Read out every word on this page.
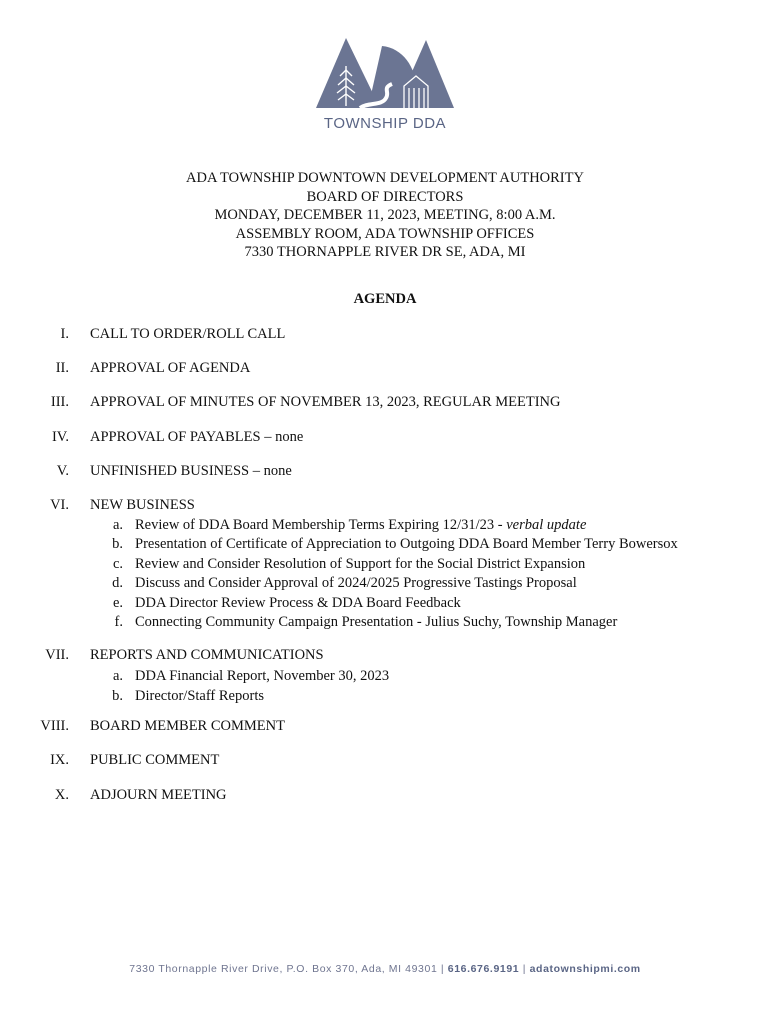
TOWNSHIP DDA
ADA TOWNSHIP DOWNTOWN DEVELOPMENT AUTHORITY
BOARD OF DIRECTORS
MONDAY, DECEMBER 11, 2023, MEETING, 8:00 A.M.
ASSEMBLY ROOM, ADA TOWNSHIP OFFICES
7330 THORNAPPLE RIVER DR SE, ADA, MI
AGENDA
I. CALL TO ORDER/ROLL CALL
II. APPROVAL OF AGENDA
III. APPROVAL OF MINUTES OF NOVEMBER 13, 2023, REGULAR MEETING
IV. APPROVAL OF PAYABLES – none
V. UNFINISHED BUSINESS – none
VI. NEW BUSINESS
a. Review of DDA Board Membership Terms Expiring 12/31/23 - verbal update
b. Presentation of Certificate of Appreciation to Outgoing DDA Board Member Terry Bowersox
c. Review and Consider Resolution of Support for the Social District Expansion
d. Discuss and Consider Approval of 2024/2025 Progressive Tastings Proposal
e. DDA Director Review Process & DDA Board Feedback
f. Connecting Community Campaign Presentation - Julius Suchy, Township Manager
VII. REPORTS AND COMMUNICATIONS
a. DDA Financial Report, November 30, 2023
b. Director/Staff Reports
VIII. BOARD MEMBER COMMENT
IX. PUBLIC COMMENT
X. ADJOURN MEETING
7330 Thornapple River Drive, P.O. Box 370, Ada, MI 49301 | 616.676.9191 | adatownshipmi.com
